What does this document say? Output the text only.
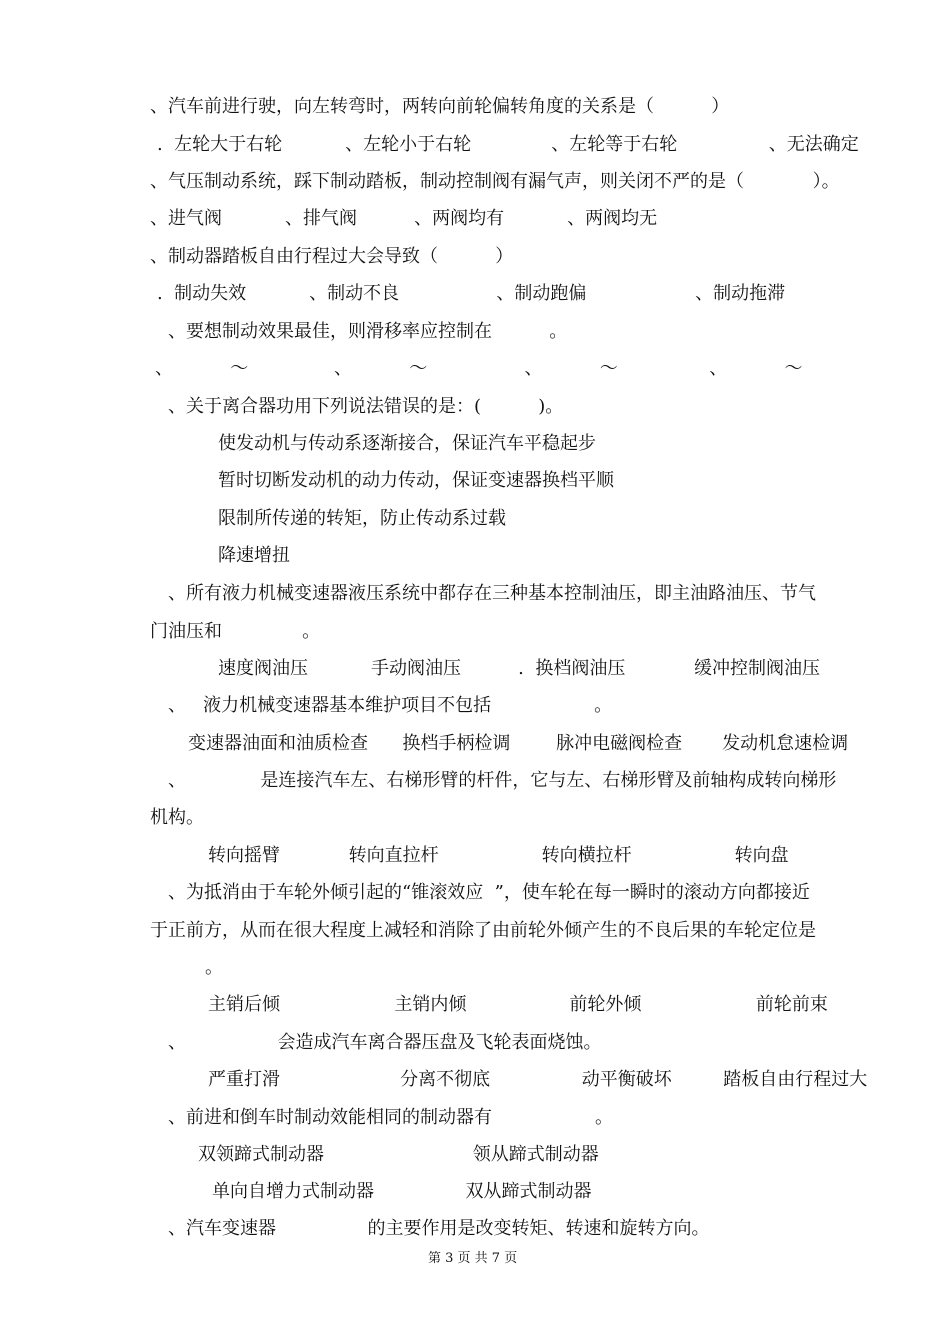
、汽车前进行驶，向左转弯时，两转向前轮偏转角度的关系是（          ）
.  左轮大于右轮           、左轮小于右轮              、左轮等于右轮                、无法确定
、气压制动系统，踩下制动踏板，制动控制阀有漏气声，则关闭不严的是（            ）。
、进气阀           、排气阀          、两阀均有           、两阀均无
、制动器踏板自由行程过大会导致（          ）
.  制动失效           、制动不良                 、制动跑偏                   、制动拖滞
、要想制动效果最佳，则滑移率应控制在          。
、          ～               、          ～                 、          ～                、          ～
、关于离合器功用下列说法错误的是：(          )。
使发动机与传动系逐渐接合，保证汽车平稳起步
暂时切断发动机的动力传动，保证变速器换档平顺
限制所传递的转矩，防止传动系过载
降速增扭
、所有液力机械变速器液压系统中都存在三种基本控制油压，即主油路油压、节气
门油压和              。
速度阀油压           手动阀油压          .  换档阀油压            缓冲控制阀油压
、   液力机械变速器基本维护项目不包括                  。
变速器油面和油质检查      换档手柄检调        脉冲电磁阀检查       发动机怠速检调
、             是连接汽车左、右梯形臂的杆件，它与左、右梯形臂及前轴构成转向梯形
机构。
转向摇臂            转向直拉杆                  转向横拉杆                  转向盘
、为抵消由于车轮外倾引起的“锥滚效应  ”，使车轮在每一瞬时的滚动方向都接近
于正前方，从而在很大程度上减轻和消除了由前轮外倾产生的不良后果的车轮定位是
。
主销后倾                    主销内倾                  前轮外倾                    前轮前束
、                会造成汽车离合器压盘及飞轮表面烧蚀。
严重打滑                     分离不彻底                动平衡破坏         踏板自由行程过大
、前进和倒车时制动效能相同的制动器有                  。
双领蹄式制动器                          领从蹄式制动器
单向自增力式制动器                双从蹄式制动器
、汽车变速器                的主要作用是改变转矩、转速和旋转方向。
第 3 页 共 7 页
